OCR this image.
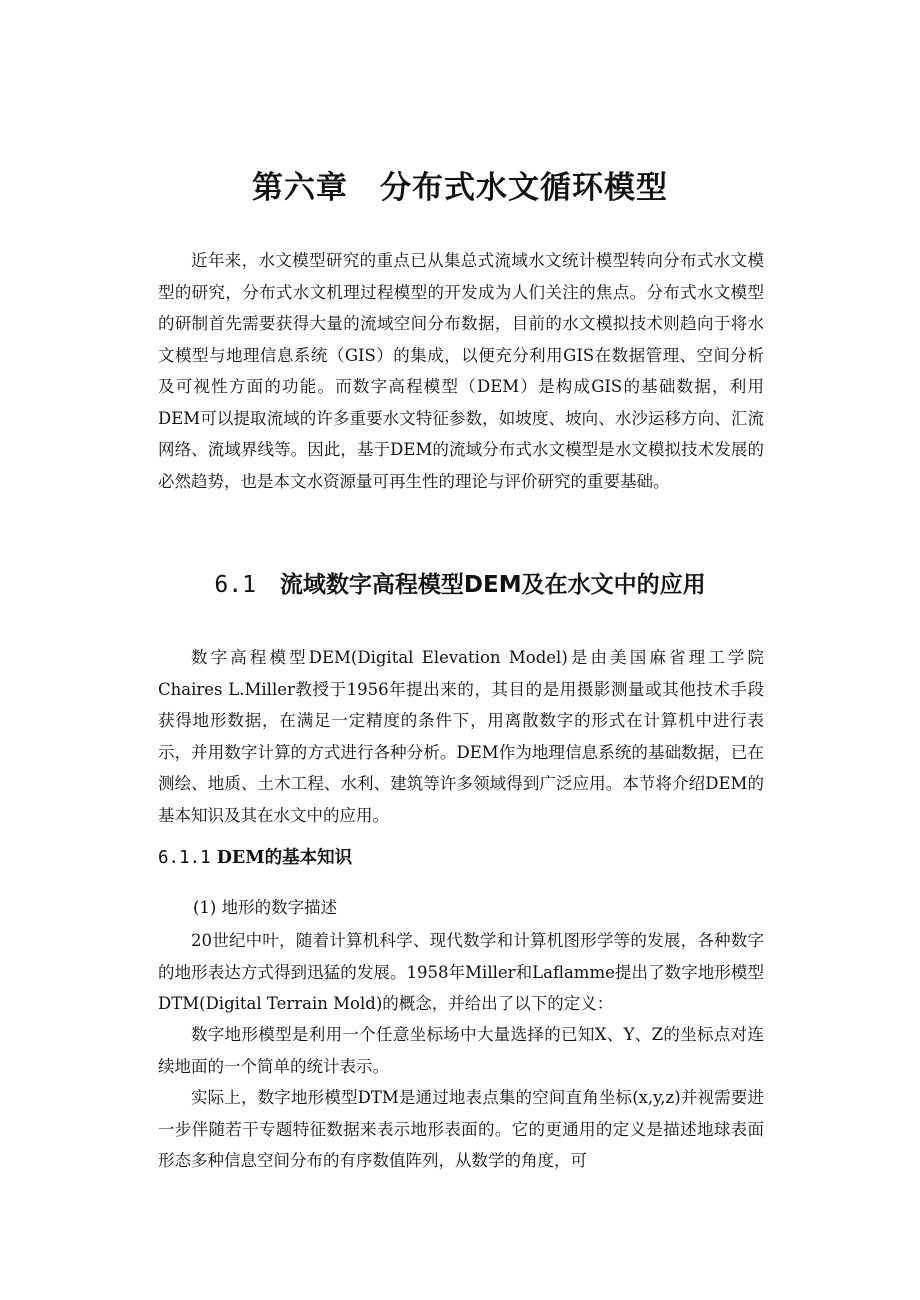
第六章　分布式水文循环模型

近年来，水文模型研究的重点已从集总式流域水文统计模型转向分布式水文模型的研究，分布式水文机理过程模型的开发成为人们关注的焦点。分布式水文模型的研制首先需要获得大量的流域空间分布数据，目前的水文模拟技术则趋向于将水文模型与地理信息系统（GIS）的集成，以便充分利用GIS在数据管理、空间分析及可视性方面的功能。而数字高程模型（DEM）是构成GIS的基础数据，利用DEM可以提取流域的许多重要水文特征参数，如坡度、坡向、水沙运移方向、汇流网络、流域界线等。因此，基于DEM的流域分布式水文模型是水文模拟技术发展的必然趋势，也是本文水资源量可再生性的理论与评价研究的重要基础。

6.1 流域数字高程模型DEM及在水文中的应用

数字高程模型DEM(Digital Elevation Model)是由美国麻省理工学院Chaires L.Miller教授于1956年提出来的，其目的是用摄影测量或其他技术手段获得地形数据，在满足一定精度的条件下，用离散数字的形式在计算机中进行表示，并用数字计算的方式进行各种分析。DEM作为地理信息系统的基础数据，已在测绘、地质、土木工程、水利、建筑等许多领域得到广泛应用。本节将介绍DEM的基本知识及其在水文中的应用。

6.1.1 DEM的基本知识

(1) 地形的数字描述

20世纪中叶，随着计算机科学、现代数学和计算机图形学等的发展，各种数字的地形表达方式得到迅猛的发展。1958年Miller和Laflamme提出了数字地形模型DTM(Digital Terrain Mold)的概念，并给出了以下的定义：

数字地形模型是利用一个任意坐标场中大量选择的已知X、Y、Z的坐标点对连续地面的一个简单的统计表示。

实际上，数字地形模型DTM是通过地表点集的空间直角坐标(x,y,z)并视需要进一步伴随若干专题特征数据来表示地形表面的。它的更通用的定义是描述地球表面形态多种信息空间分布的有序数值阵列，从数学的角度，可
